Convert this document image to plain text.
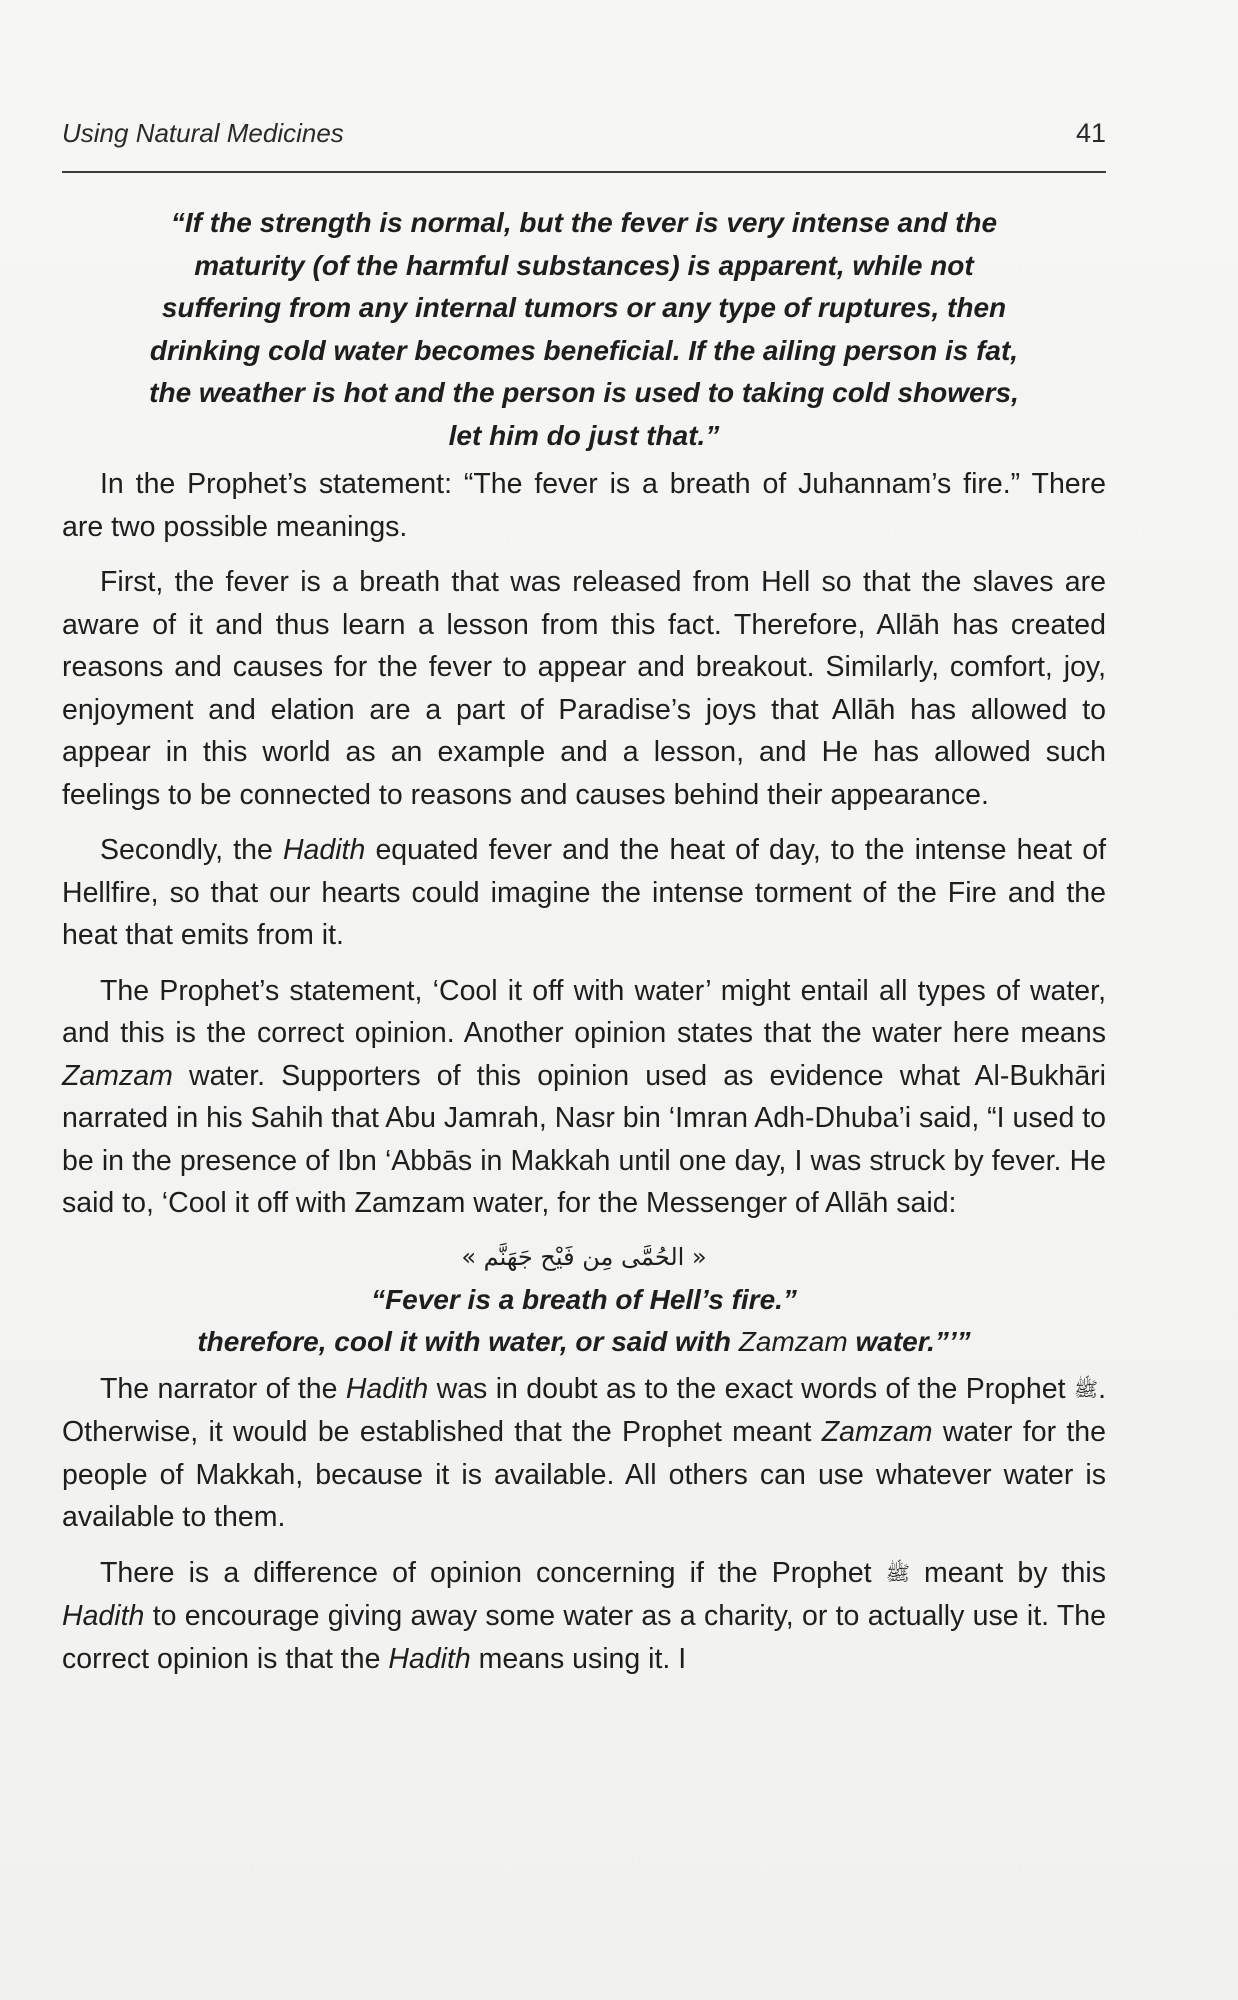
Using Natural Medicines	41
“If the strength is normal, but the fever is very intense and the
maturity (of the harmful substances) is apparent, while not
suffering from any internal tumors or any type of ruptures, then
drinking cold water becomes beneficial. If the ailing person is fat,
the weather is hot and the person is used to taking cold showers,
let him do just that.”

In the Prophet’s statement: “The fever is a breath of Juhannam’s fire.” There are two possible meanings.

First, the fever is a breath that was released from Hell so that the slaves are aware of it and thus learn a lesson from this fact. Therefore, Allāh has created reasons and causes for the fever to appear and breakout. Similarly, comfort, joy, enjoyment and elation are a part of Paradise’s joys that Allāh has allowed to appear in this world as an example and a lesson, and He has allowed such feelings to be connected to reasons and causes behind their appearance.

Secondly, the Hadith equated fever and the heat of day, to the intense heat of Hellfire, so that our hearts could imagine the intense torment of the Fire and the heat that emits from it.

The Prophet’s statement, ‘Cool it off with water’ might entail all types of water, and this is the correct opinion. Another opinion states that the water here means Zamzam water. Supporters of this opinion used as evidence what Al-Bukhāri narrated in his Sahih that Abu Jamrah, Nasr bin ‘Imran Adh-Dhuba’i said, “I used to be in the presence of Ibn ‘Abbās in Makkah until one day, I was struck by fever. He said to, ‘Cool it off with Zamzam water, for the Messenger of Allāh said:

« الحُمَّى مِن فَيْح جَهَنَّم »
“Fever is a breath of Hell’s fire.”
therefore, cool it with water, or said with Zamzam water.”’”

The narrator of the Hadith was in doubt as to the exact words of the Prophet ﷺ. Otherwise, it would be established that the Prophet meant Zamzam water for the people of Makkah, because it is available. All others can use whatever water is available to them.

There is a difference of opinion concerning if the Prophet ﷺ meant by this Hadith to encourage giving away some water as a charity, or to actually use it. The correct opinion is that the Hadith means using it. I
